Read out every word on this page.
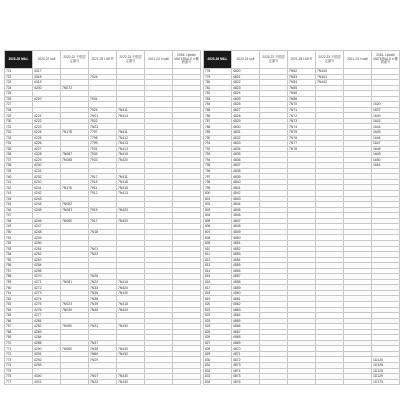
2023-26 MILL	2020-22 soft	2020-22 不燃認定番号	2021-25 LIGHT	2022-23 不燃認定番号	2021-24 n wall	2016- Lijoslin MATERIALS n 難燃番号
721	4317					
722	4318		7024			
723	4319					
724	4200	7N072				
725						
726	4220		7931			
727						
728			7924	7N411		
729	4221		7N01	7N413		
730	4222		7922			
731	4223		7N03			
732	4224	7N178	7797	7N411		
733	4225		7798	7N412		
734	4226		7799	7N413		
735	4227		7931	7N414		
736	4228	7N087	7932	7N419		
737	4229	7N088	7933	7N420		
738	4230					
739	4231					
740	4232		7917	7N411		
741	4240		7918	7N418		
742	4241	7N176	7911	7N415		
743	4242		7912	7N413		
744	4243					
745	4244	7N082				
746	4245	7N083	7915	7N420		
747						
748	4246	7N080	7917	7N420		
749	4247					
750	4248		7N18			
751	4249					
752	4250					
753	4251		7N01			
754	4252		7N22			
755	4253					
756	4254					
757	4255					
758	4270		7N26			
759	4271	7N081	7N24	7N416		
760	4272		7N33	7N420		
761	4273		7N36	7N430		
762	4274		7N38			
763	4275	7N023	7N39	7N418		
764	4276	7N030	7N40	7N420		
765	4277					
766	4281					
767	4282	7N080	7N31	7N430		
768	4283					
769	4284					
770	4285		7N37			
771	4290	7N080	7N38	7N430		
772	4291		7N80	7N430		
773	4292		7N29			
774	4293					
775						
776	4300		7N07	7N430		
777	4301		7N22	7N430		
2023-26 MILL	2020-22 soft	2020-22 不燃認定番号	2021-25 LIGHT	2022-23 不燃認定番号	2021-24 n wall	2016- Lijoslin MATERIALS n 難燃番号
778	4820		7N52	7N440		
779	4821		7N53	7N441		
780	4822		7N54	7N442		
781	4823		7N55			
782	4824		7N56			
783	4825		7N58			
784	4826		7N70			1620
785	4827		7N71			1637
786	4828		7N72			1640
787	4829		7N73			1642
788	4830		7N74			1644
789	4831		7N75			1645
790	4832		7N76			1646
791	4833		7N77			1647
792	4834		7N78			1648
793	4835					1649
794	4836					1650
795	4837					1651
796	4838					
797	4839					
798	4840					
799	4841					
800	4842					
801	4843					
802	4844					
803	4845					
804	4846					
805	4847					
806	4848					
807	4849					
808	4850					
809	4851					
810	4852					
811	4853					
812	4854					
813	4855					
814	4856					
815	4857					
816	4858					
817	4859					
818	4860					
819	4861					
820	4862					
821	4863					
822	4864					
823	4865					
824	4866					
825	4867					
826	4868					
827	4869					
828	4870					
829	4871					
830	4872					1D120
831	4873					1D126
832	4874					1D128
833	4875					1D129
834	4876					1D170
